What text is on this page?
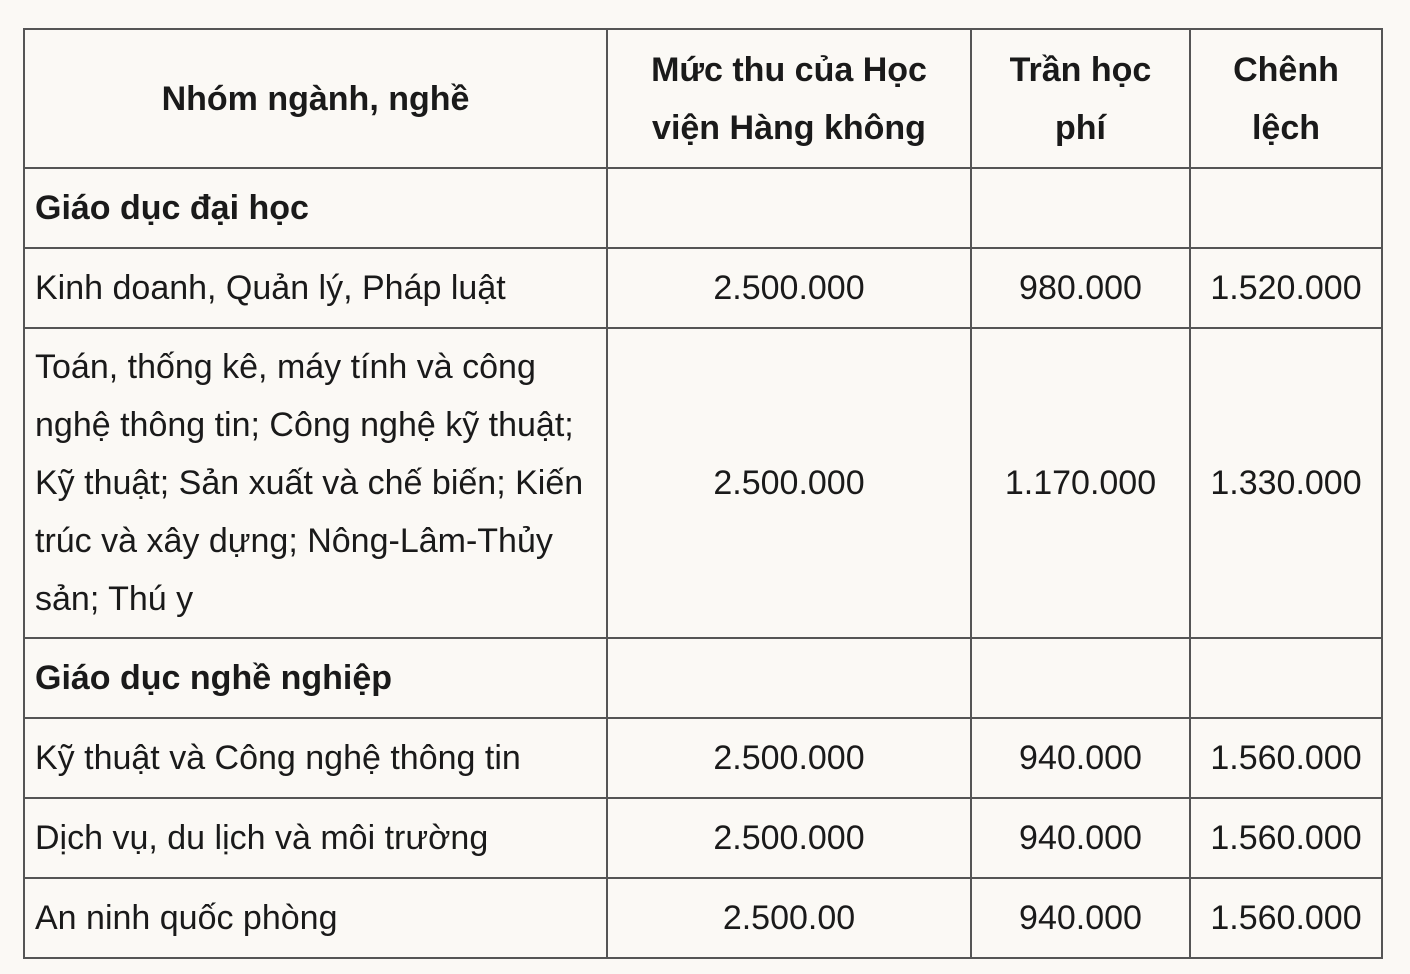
Nhóm ngành, nghề	Mức thu của Học viện Hàng không	Trần học phí	Chênh lệch
Giáo dục đại học			
Kinh doanh, Quản lý, Pháp luật	2.500.000	980.000	1.520.000
Toán, thống kê, máy tính và công nghệ thông tin; Công nghệ kỹ thuật; Kỹ thuật; Sản xuất và chế biến; Kiến trúc và xây dựng; Nông-Lâm-Thủy sản; Thú y	2.500.000	1.170.000	1.330.000
Giáo dục nghề nghiệp			
Kỹ thuật và Công nghệ thông tin	2.500.000	940.000	1.560.000
Dịch vụ, du lịch và môi trường	2.500.000	940.000	1.560.000
An ninh quốc phòng	2.500.00	940.000	1.560.000
